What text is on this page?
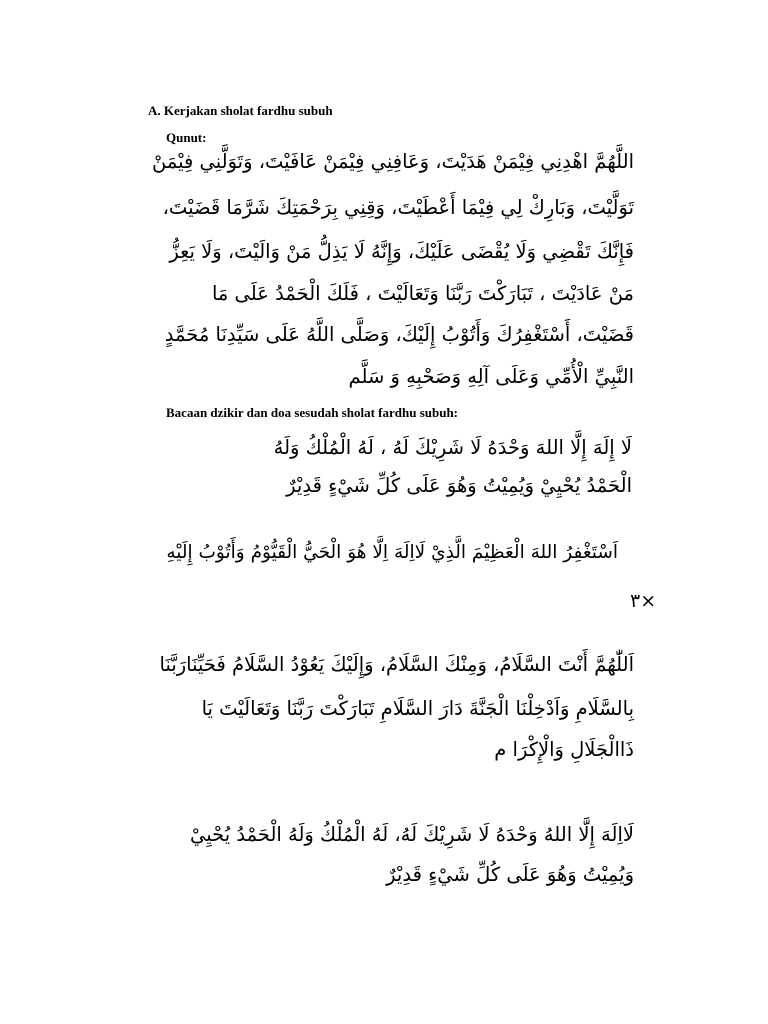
A. Kerjakan sholat fardhu subuh

Qunut:

اللَّهُمَّ اهْدِنِي فِيْمَنْ هَدَيْتَ، وَعَافِنِي فِيْمَنْ عَافَيْتَ، وَتَوَلَّنِي فِيْمَنْ

تَوَلَّيْتَ، وَبَارِكْ لِي فِيْمَا أَعْطَيْتَ، وَقِنِي بِرَحْمَتِكَ شَرَّمَا قَضَيْتَ،

فَإِنَّكَ تَقْضِي وَلَا يُقْضَى عَلَيْكَ، وَإِنَّهُ لَا يَذِلُّ مَنْ وَالَيْتَ، وَلَا يَعِزُّ

مَنْ عَادَيْتَ ، تَبَارَكْتَ رَبَّنَا وَتَعَالَيْتَ ، فَلَكَ الْحَمْدُ عَلَى مَا

قَضَيْتَ، أَسْتَغْفِرُكَ وَأَتُوْبُ إِلَيْكَ، وَصَلَّى اللَّهُ عَلَى سَيِّدِنَا مُحَمَّدٍ

النَّبِيِّ الْأُمِّي وَعَلَى آلِهِ وَصَحْبِهِ وَ سَلَّم

Bacaan dzikir dan doa sesudah sholat fardhu subuh:

لَا إِلَهَ إِلَّا اللهَ وَحْدَهُ لَا شَرِيْكَ لَهُ ، لَهُ الْمُلْكُ وَلَهُ

الْحَمْدُ يُحْيِيْ وَيُمِيْتُ وَهُوَ عَلَى كُلِّ شَيْءٍ قَدِيْرٌ

اَسْتَغْفِرُ اللهَ الْعَظِيْمَ الَّذِيْ لَااِلَهَ اِلَّا هُوَ الْحَيُّ الْقَيُّوْمُ وَأَتُوْبُ إِلَيْهِ

٣×

اَللّٰهُمَّ أَنْتَ السَّلَامُ، وَمِنْكَ السَّلَامُ، وَإِلَيْكَ يَعُوْدُ السَّلَامُ فَحَيِّنَارَبَّنَا

بِالسَّلَامِ وَاَدْخِلْنَا الْجَنَّةَ دَارَ السَّلَامِ تَبَارَكْتَ رَبَّنَا وَتَعَالَيْتَ يَا

ذَاالْجَلَالِ وَالْإِكْرَا م

لَااِلَهَ إِلَّا اللهُ وَحْدَهُ لَا شَرِيْكَ لَهُ، لَهُ الْمُلْكُ وَلَهُ الْحَمْدُ يُحْيِيْ

وَيُمِيْتُ وَهُوَ عَلَى كُلِّ شَيْءٍ قَدِيْرٌ
